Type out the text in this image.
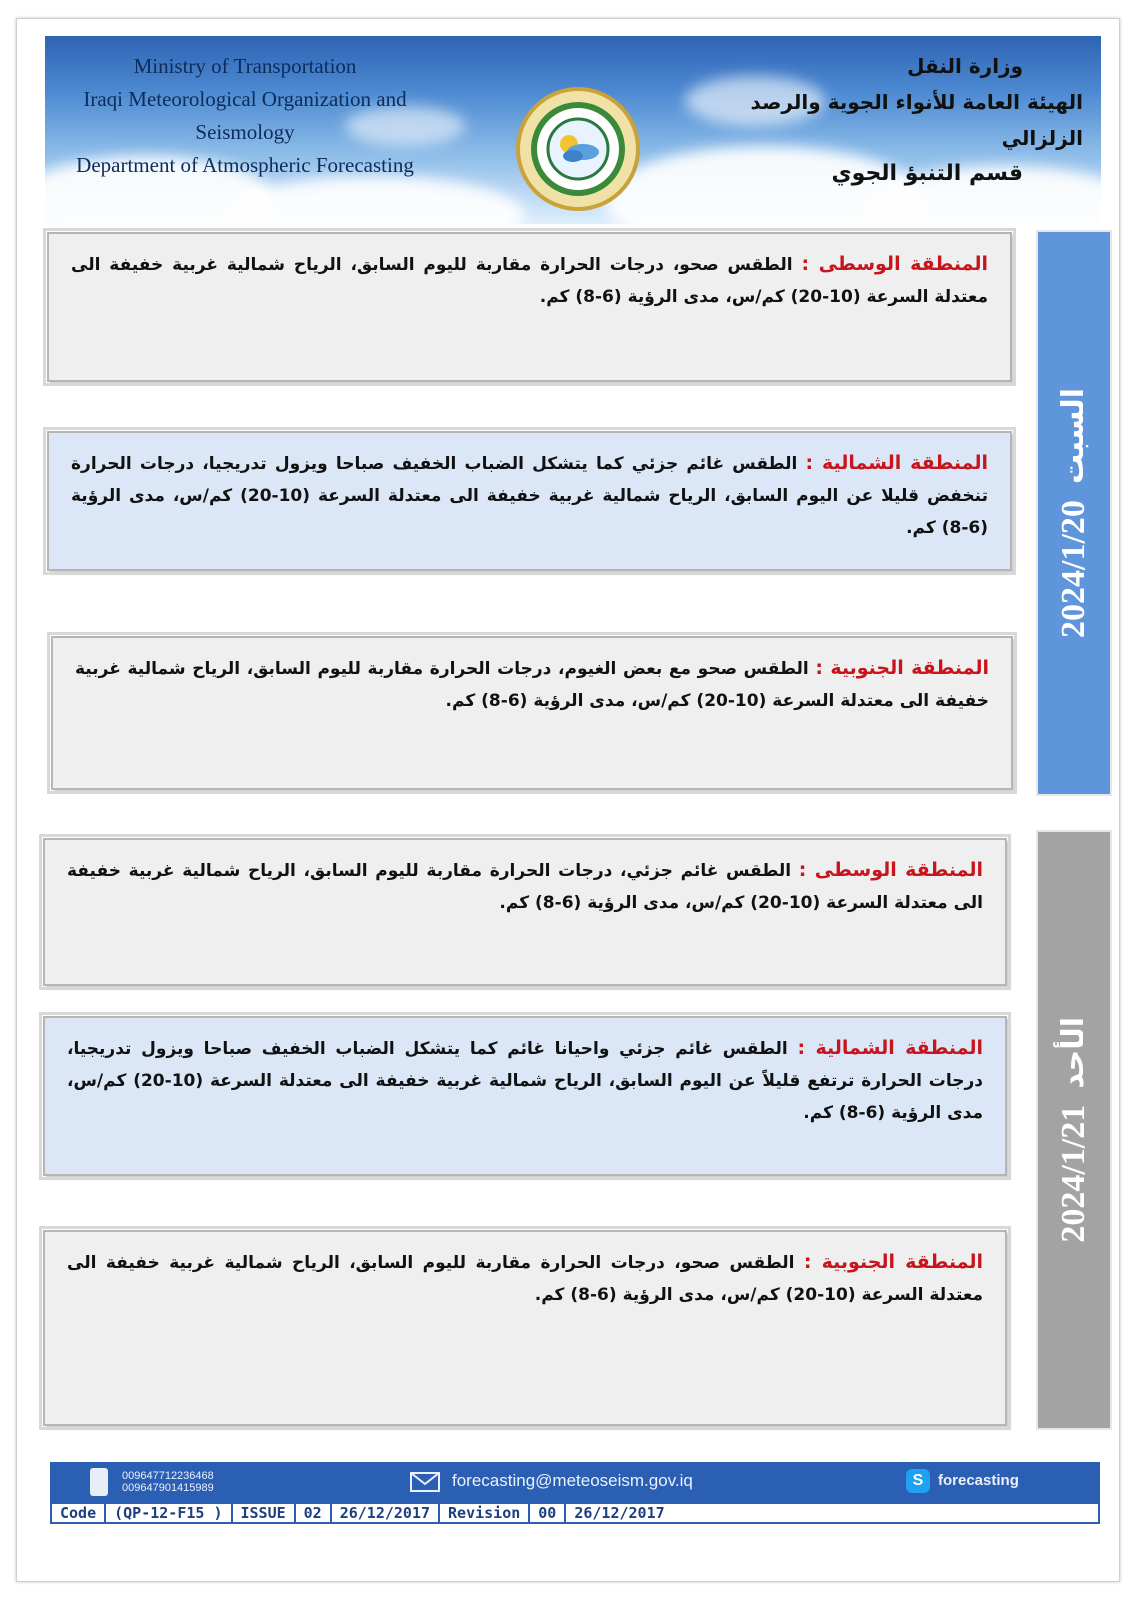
Ministry of Transportation
Iraqi Meteorological Organization and Seismology
Department of Atmospheric Forecasting
وزارة النقل
الهيئة العامة للأنواء الجوية والرصد الزلزالي
قسم التنبؤ الجوي
المنطقة الوسطى : الطقس صحو، درجات الحرارة مقاربة لليوم السابق، الرياح شمالية غربية خفيفة الى معتدلة السرعة (10-20) كم/س، مدى الرؤية (6-8) كم.
المنطقة الشمالية : الطقس غائم جزئي كما يتشكل الضباب الخفيف صباحا ويزول تدريجيا، درجات الحرارة تنخفض قليلا عن اليوم السابق، الرياح شمالية غربية خفيفة الى معتدلة السرعة (10-20) كم/س، مدى الرؤية (6-8) كم.
المنطقة الجنوبية : الطقس صحو مع بعض الغيوم، درجات الحرارة مقاربة لليوم السابق، الرياح شمالية غربية خفيفة الى معتدلة السرعة (10-20) كم/س، مدى الرؤية (6-8) كم.
2024/1/20السبت
المنطقة الوسطى : الطقس غائم جزئي، درجات الحرارة مقاربة لليوم السابق، الرياح شمالية غربية خفيفة الى معتدلة السرعة (10-20) كم/س، مدى الرؤية (6-8) كم.
المنطقة الشمالية : الطقس غائم جزئي واحيانا غائم كما يتشكل الضباب الخفيف صباحا ويزول تدريجيا، درجات الحرارة ترتفع قليلاً عن اليوم السابق، الرياح شمالية غربية خفيفة الى معتدلة السرعة (10-20) كم/س، مدى الرؤية (6-8) كم.
المنطقة الجنوبية : الطقس صحو، درجات الحرارة مقاربة لليوم السابق، الرياح شمالية غربية خفيفة الى معتدلة السرعة (10-20) كم/س، مدى الرؤية (6-8) كم.
2024/1/21الأحد
009647712236468
009647901415989	forecasting@meteoseism.gov.iq	S forecasting
Code	(QP-12-F15 )	ISSUE	02	26/12/2017	Revision	00	26/12/2017
